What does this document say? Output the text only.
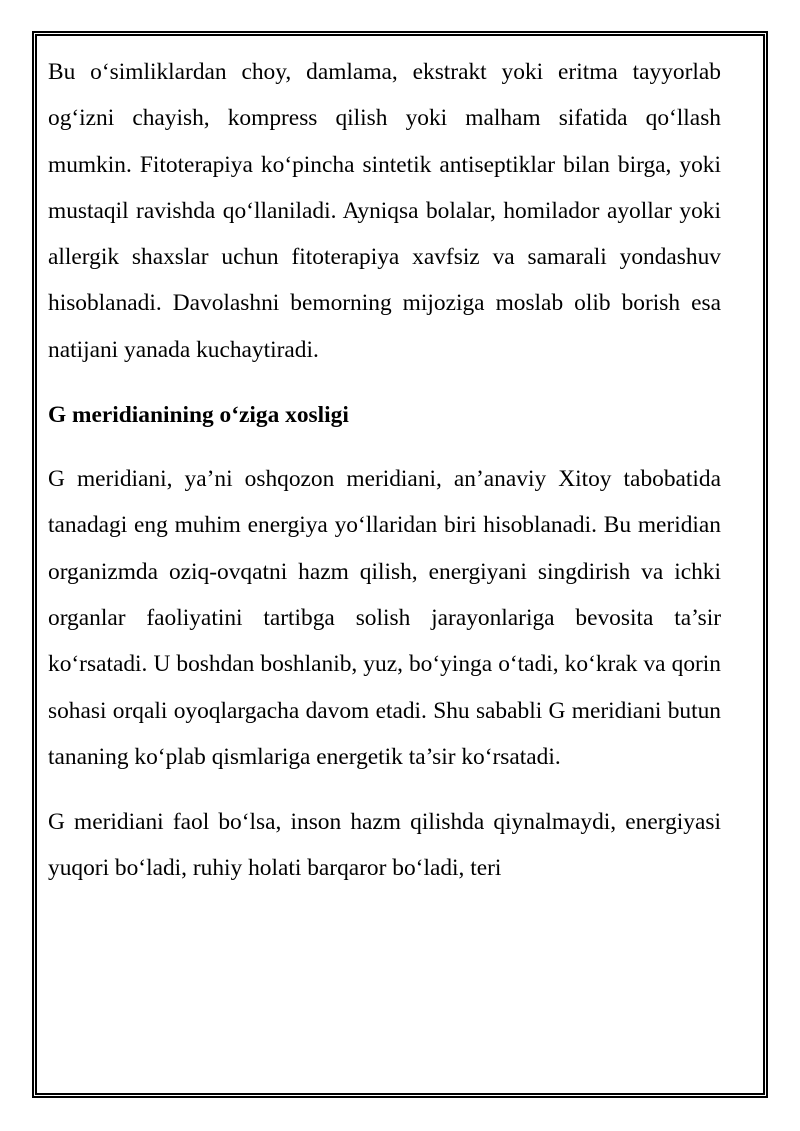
Bu o‘simliklardan choy, damlama, ekstrakt yoki eritma tayyorlab og‘izni chayish, kompress qilish yoki malham sifatida qo‘llash mumkin. Fitoterapiya ko‘pincha sintetik antiseptiklar bilan birga, yoki mustaqil ravishda qo‘llaniladi. Ayniqsa bolalar, homilador ayollar yoki allergik shaxslar uchun fitoterapiya xavfsiz va samarali yondashuv hisoblanadi. Davolashni bemorning mijoziga moslab olib borish esa natijani yanada kuchaytiradi.

G meridianining o‘ziga xosligi

G meridiani, ya’ni oshqozon meridiani, an’anaviy Xitoy tabobatida tanadagi eng muhim energiya yo‘llaridan biri hisoblanadi. Bu meridian organizmda oziq-ovqatni hazm qilish, energiyani singdirish va ichki organlar faoliyatini tartibga solish jarayonlariga bevosita ta’sir ko‘rsatadi. U boshdan boshlanib, yuz, bo‘yinga o‘tadi, ko‘krak va qorin sohasi orqali oyoqlargacha davom etadi. Shu sababli G meridiani butun tananing ko‘plab qismlariga energetik ta’sir ko‘rsatadi.

G meridiani faol bo‘lsa, inson hazm qilishda qiynalmaydi, energiyasi yuqori bo‘ladi, ruhiy holati barqaror bo‘ladi, teri
